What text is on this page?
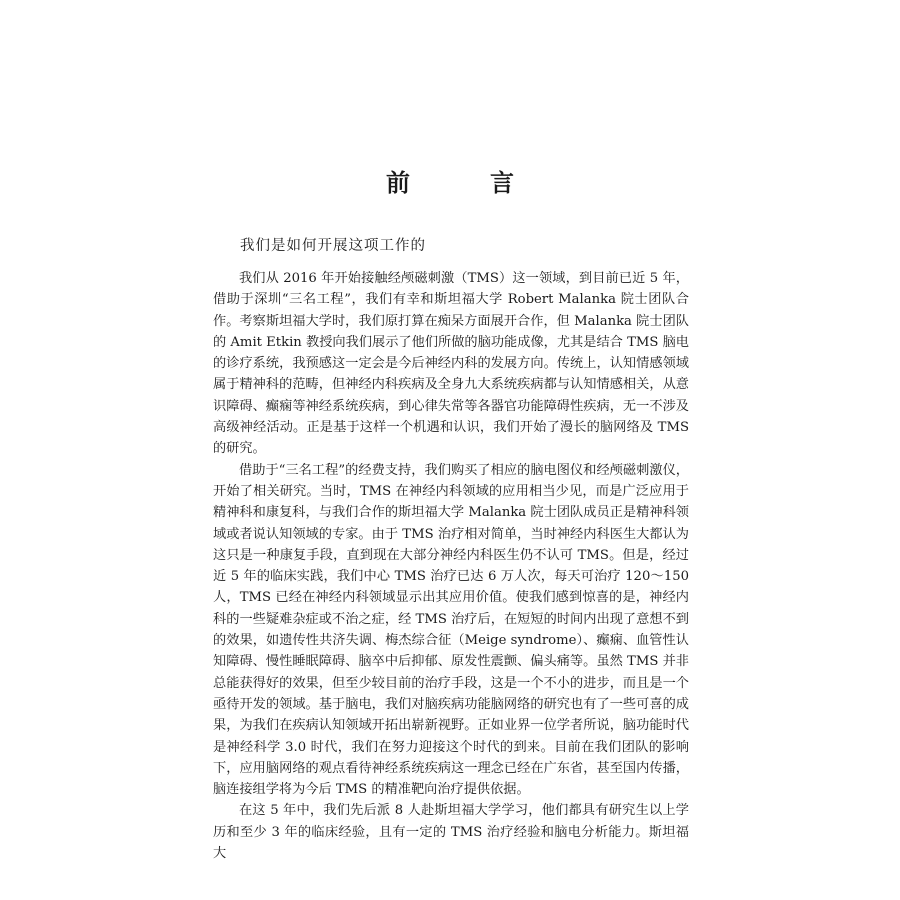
前　言
我们是如何开展这项工作的

我们从 2016 年开始接触经颅磁刺激（TMS）这一领域，到目前已近 5 年，借助于深圳“三名工程”，我们有幸和斯坦福大学 Robert Malanka 院士团队合作。考察斯坦福大学时，我们原打算在痴呆方面展开合作，但 Malanka 院士团队的 Amit Etkin 教授向我们展示了他们所做的脑功能成像，尤其是结合 TMS 脑电的诊疗系统，我预感这一定会是今后神经内科的发展方向。传统上，认知情感领域属于精神科的范畴，但神经内科疾病及全身九大系统疾病都与认知情感相关，从意识障碍、癫痫等神经系统疾病，到心律失常等各器官功能障碍性疾病，无一不涉及高级神经活动。正是基于这样一个机遇和认识，我们开始了漫长的脑网络及 TMS 的研究。

借助于“三名工程”的经费支持，我们购买了相应的脑电图仪和经颅磁刺激仪，开始了相关研究。当时，TMS 在神经内科领域的应用相当少见，而是广泛应用于精神科和康复科，与我们合作的斯坦福大学 Malanka 院士团队成员正是精神科领域或者说认知领域的专家。由于 TMS 治疗相对简单，当时神经内科医生大都认为这只是一种康复手段，直到现在大部分神经内科医生仍不认可 TMS。但是，经过近 5 年的临床实践，我们中心 TMS 治疗已达 6 万人次，每天可治疗 120～150 人，TMS 已经在神经内科领域显示出其应用价值。使我们感到惊喜的是，神经内科的一些疑难杂症或不治之症，经 TMS 治疗后，在短短的时间内出现了意想不到的效果，如遗传性共济失调、梅杰综合征（Meige syndrome）、癫痫、血管性认知障碍、慢性睡眠障碍、脑卒中后抑郁、原发性震颤、偏头痛等。虽然 TMS 并非总能获得好的效果，但至少较目前的治疗手段，这是一个不小的进步，而且是一个亟待开发的领域。基于脑电，我们对脑疾病功能脑网络的研究也有了一些可喜的成果，为我们在疾病认知领域开拓出崭新视野。正如业界一位学者所说，脑功能时代是神经科学 3.0 时代，我们在努力迎接这个时代的到来。目前在我们团队的影响下，应用脑网络的观点看待神经系统疾病这一理念已经在广东省，甚至国内传播，脑连接组学将为今后 TMS 的精准靶向治疗提供依据。

在这 5 年中，我们先后派 8 人赴斯坦福大学学习，他们都具有研究生以上学历和至少 3 年的临床经验，且有一定的 TMS 治疗经验和脑电分析能力。斯坦福大
